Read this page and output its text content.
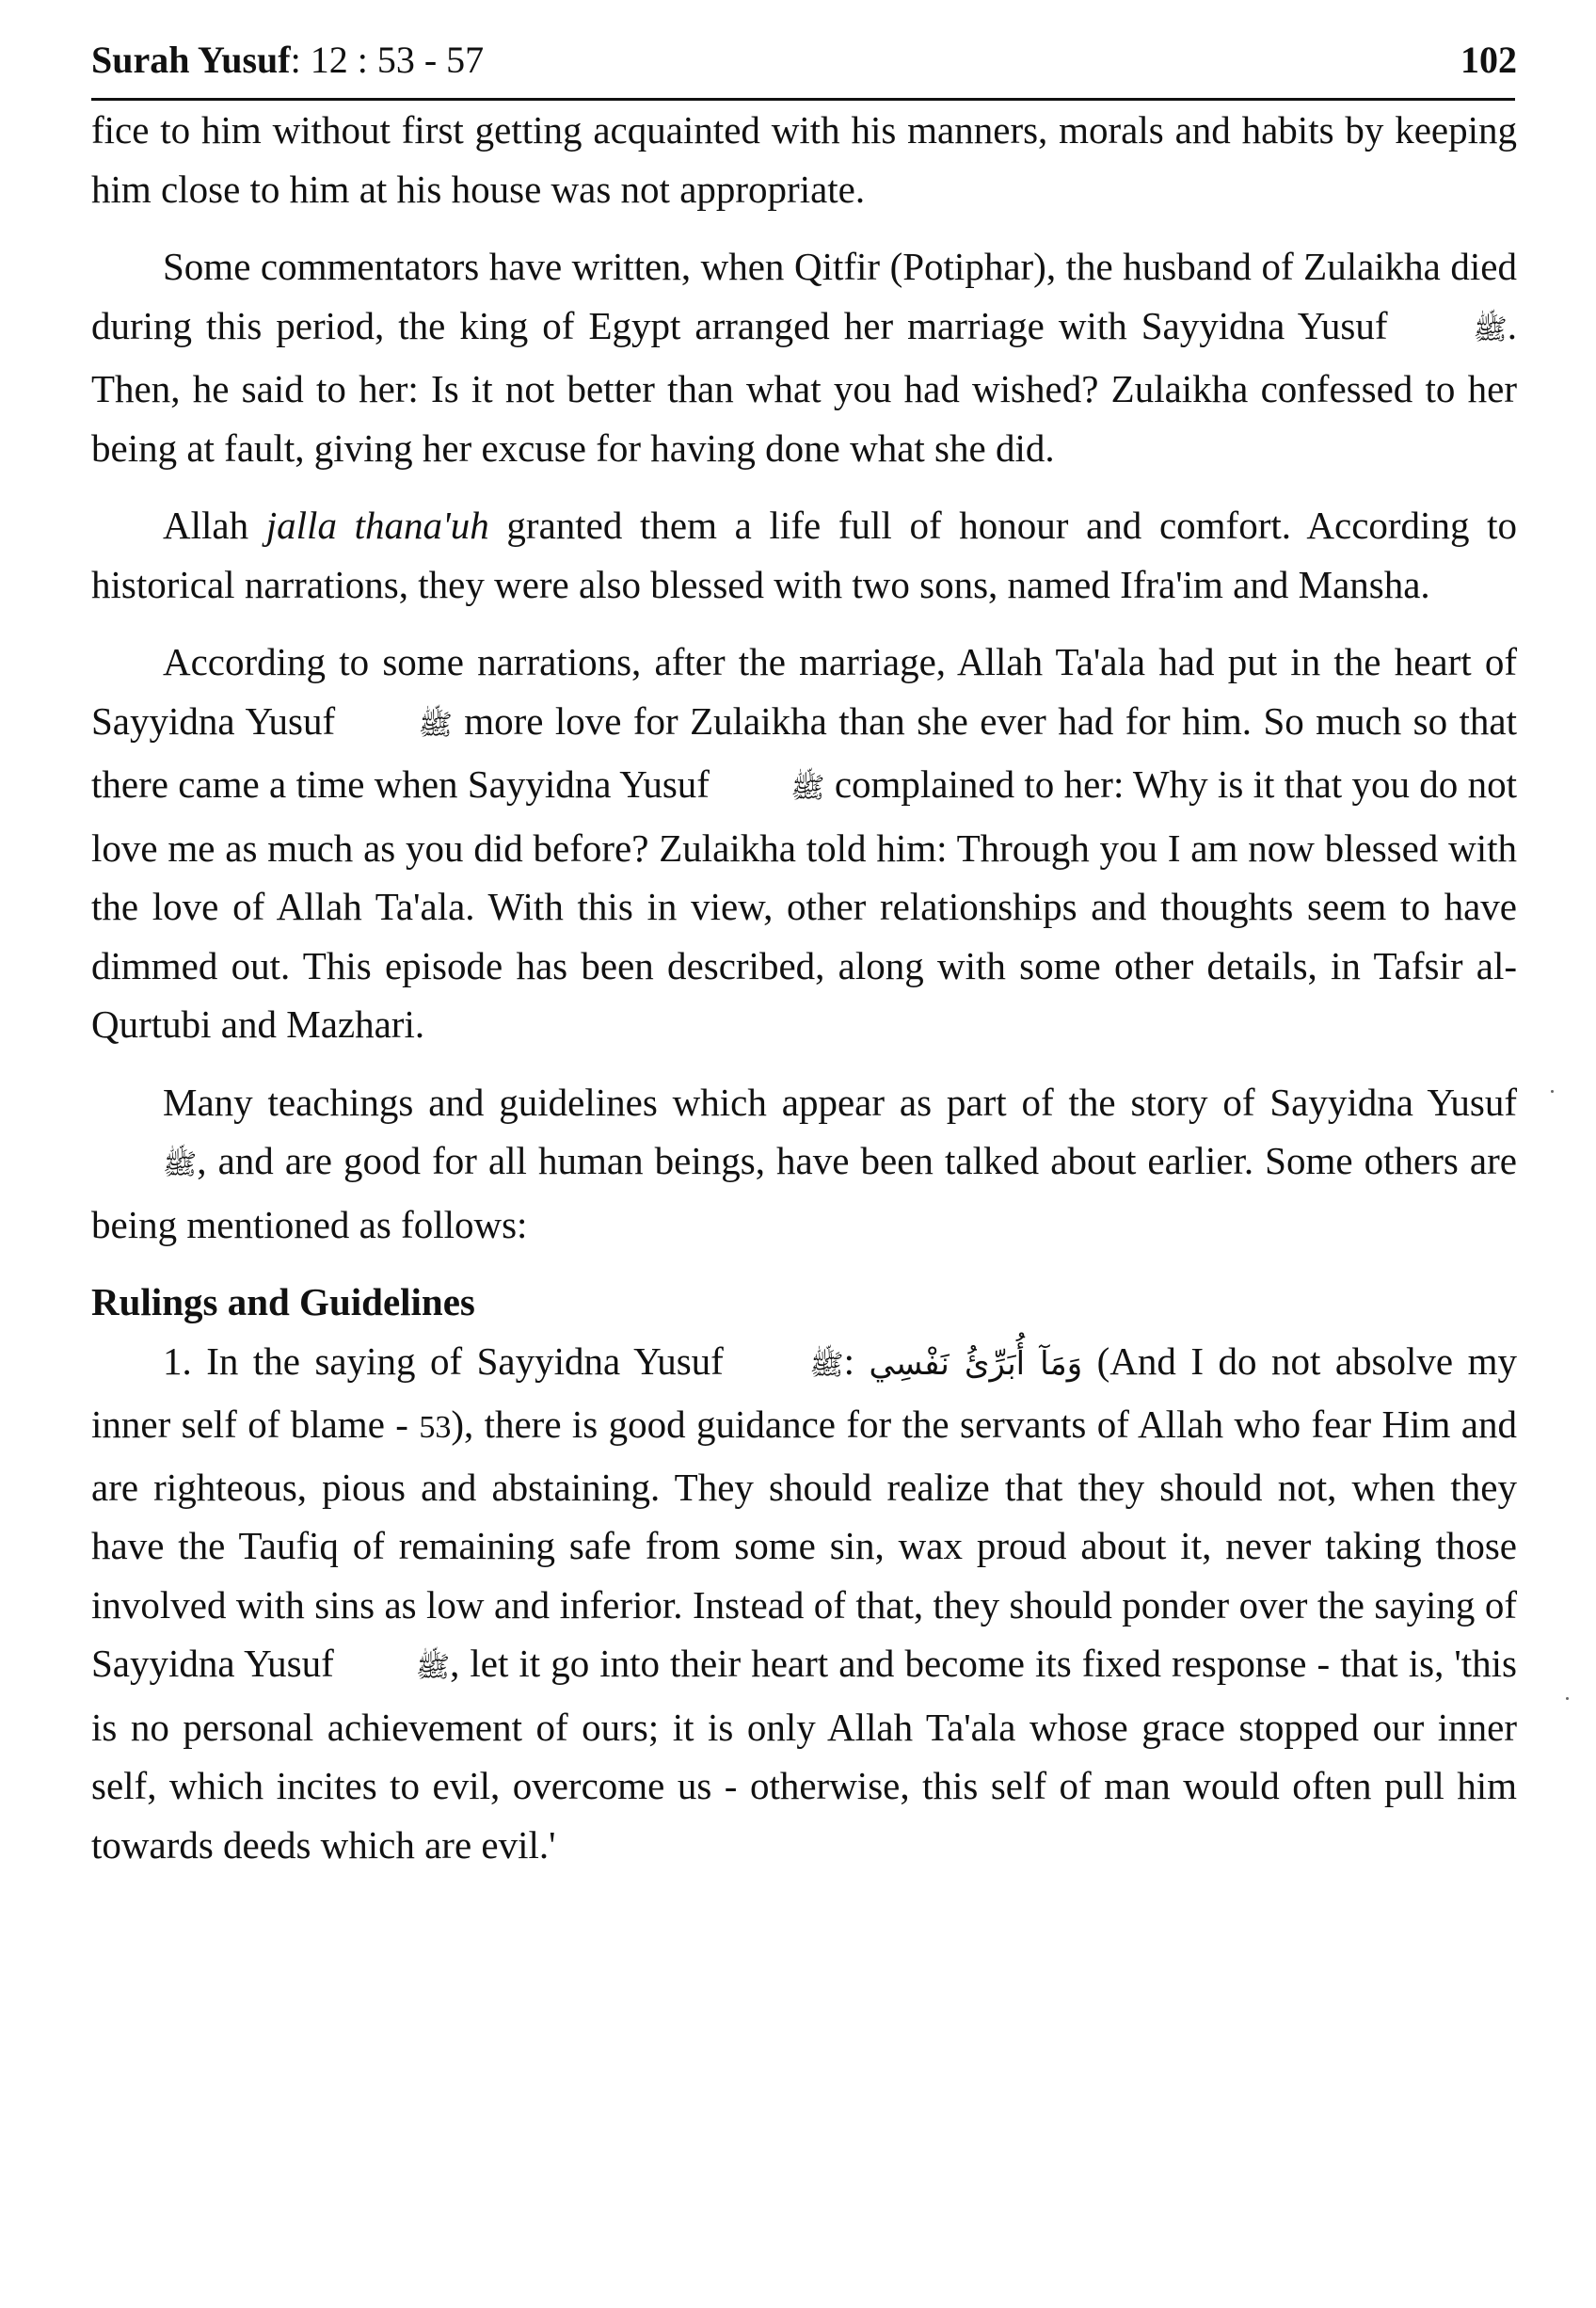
Surah Yusuf: 12 : 53 - 57	102

fice to him without first getting acquainted with his manners, morals and habits by keeping him close to him at his house was not appropriate.

Some commentators have written, when Qitfir (Potiphar), the husband of Zulaikha died during this period, the king of Egypt arranged her marriage with Sayyidna Yusuf	ﷺ. Then, he said to her: Is it not better than what you had wished? Zulaikha confessed to her being at fault, giving her excuse for having done what she did.

Allah jalla thana'uh granted them a life full of honour and comfort. According to historical narrations, they were also blessed with two sons, named Ifra'im and Mansha.

According to some narrations, after the marriage, Allah Ta'ala had put in the heart of Sayyidna Yusuf	ﷺ more love for Zulaikha than she ever had for him. So much so that there came a time when Sayyidna Yusuf	ﷺ complained to her: Why is it that you do not love me as much as you did before? Zulaikha told him: Through you I am now blessed with the love of Allah Ta'ala. With this in view, other relationships and thoughts seem to have dimmed out. This episode has been described, along with some other details, in Tafsir al-Qurtubi and Mazhari.

Many teachings and guidelines which appear as part of the story of Sayyidna Yusuf ﷺ, and are good for all human beings, have been talked about earlier. Some others are being mentioned as follows:

Rulings and Guidelines

1. In the saying of Sayyidna Yusuf	ﷺ: وَمَآ أُبَرِّئُ نَفْسِي (And I do not absolve my inner self of blame - 53), there is good guidance for the servants of Allah who fear Him and are righteous, pious and abstaining. They should realize that they should not, when they have the Taufiq of remaining safe from some sin, wax proud about it, never taking those involved with sins as low and inferior. Instead of that, they should ponder over the saying of Sayyidna Yusuf	ﷺ, let it go into their heart and become its fixed response - that is, 'this is no personal achievement of ours; it is only Allah Ta'ala whose grace stopped our inner self, which incites to evil, overcome us - otherwise, this self of man would often pull him towards deeds which are evil.'
